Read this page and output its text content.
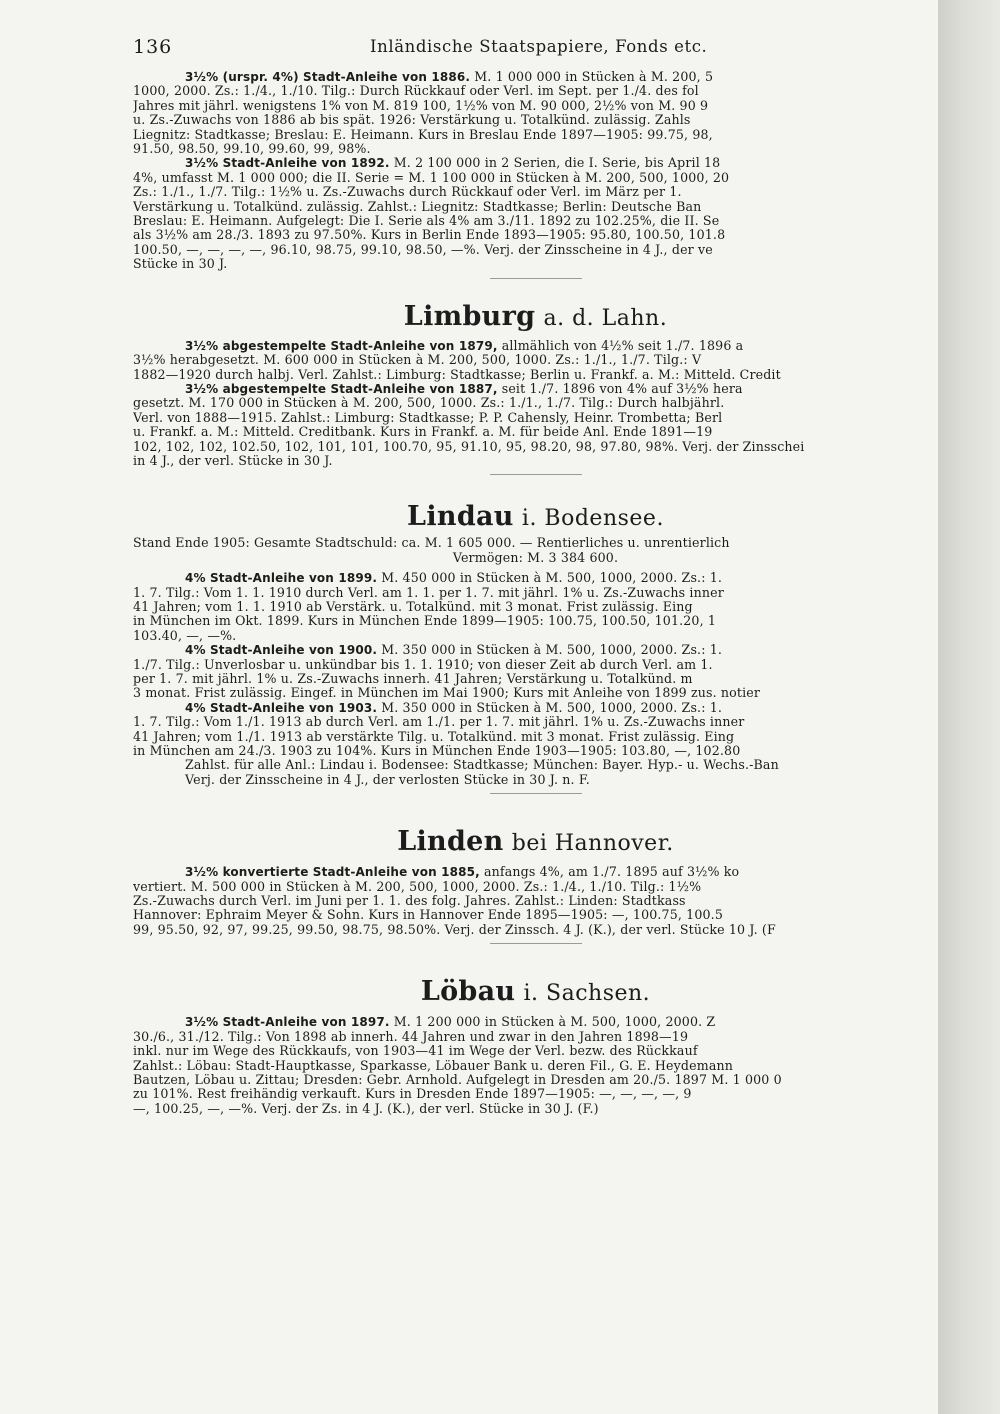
136	Inländische Staatspapiere, Fonds etc.
3½% (urspr. 4%) Stadt-Anleihe von 1886. M. 1 000 000 in Stücken à M. 200, 5
1000, 2000. Zs.: 1./4., 1./10. Tilg.: Durch Rückkauf oder Verl. im Sept. per 1./4. des fol
Jahres mit jährl. wenigstens 1% von M. 819 100, 1½% von M. 90 000, 2½% von M. 90 9
u. Zs.-Zuwachs von 1886 ab bis spät. 1926: Verstärkung u. Totalkünd. zulässig. Zahls
Liegnitz: Stadtkasse; Breslau: E. Heimann. Kurs in Breslau Ende 1897—1905: 99.75, 98,
91.50, 98.50, 99.10, 99.60, 99, 98%.
3½% Stadt-Anleihe von 1892. M. 2 100 000 in 2 Serien, die I. Serie, bis April 18
4%, umfasst M. 1 000 000; die II. Serie = M. 1 100 000 in Stücken à M. 200, 500, 1000, 20
Zs.: 1./1., 1./7. Tilg.: 1½% u. Zs.-Zuwachs durch Rückkauf oder Verl. im März per 1.
Verstärkung u. Totalkünd. zulässig. Zahlst.: Liegnitz: Stadtkasse; Berlin: Deutsche Ban
Breslau: E. Heimann. Aufgelegt: Die I. Serie als 4% am 3./11. 1892 zu 102.25%, die II. Se
als 3½% am 28./3. 1893 zu 97.50%. Kurs in Berlin Ende 1893—1905: 95.80, 100.50, 101.8
100.50, —, —, —, —, 96.10, 98.75, 99.10, 98.50, —%. Verj. der Zinsscheine in 4 J., der ve
Stücke in 30 J.
Limburg a. d. Lahn.
3½% abgestempelte Stadt-Anleihe von 1879, allmählich von 4½% seit 1./7. 1896 a
3½% herabgesetzt. M. 600 000 in Stücken à M. 200, 500, 1000. Zs.: 1./1., 1./7. Tilg.: V
1882—1920 durch halbj. Verl. Zahlst.: Limburg: Stadtkasse; Berlin u. Frankf. a. M.: Mitteld. Credit
3½% abgestempelte Stadt-Anleihe von 1887, seit 1./7. 1896 von 4% auf 3½% hera
gesetzt. M. 170 000 in Stücken à M. 200, 500, 1000. Zs.: 1./1., 1./7. Tilg.: Durch halbjährl.
Verl. von 1888—1915. Zahlst.: Limburg: Stadtkasse; P. P. Cahensly, Heinr. Trombetta; Berl
u. Frankf. a. M.: Mitteld. Creditbank. Kurs in Frankf. a. M. für beide Anl. Ende 1891—19
102, 102, 102, 102.50, 102, 101, 101, 100.70, 95, 91.10, 95, 98.20, 98, 97.80, 98%. Verj. der Zinsschei
in 4 J., der verl. Stücke in 30 J.
Lindau i. Bodensee.
Stand Ende 1905: Gesamte Stadtschuld: ca. M. 1 605 000. — Rentierliches u. unrentierlich
Vermögen: M. 3 384 600.
4% Stadt-Anleihe von 1899. M. 450 000 in Stücken à M. 500, 1000, 2000. Zs.: 1.
1. 7. Tilg.: Vom 1. 1. 1910 durch Verl. am 1. 1. per 1. 7. mit jährl. 1% u. Zs.-Zuwachs inner
41 Jahren; vom 1. 1. 1910 ab Verstärk. u. Totalkünd. mit 3 monat. Frist zulässig. Eing
in München im Okt. 1899. Kurs in München Ende 1899—1905: 100.75, 100.50, 101.20, 1
103.40, —, —%.
4% Stadt-Anleihe von 1900. M. 350 000 in Stücken à M. 500, 1000, 2000. Zs.: 1.
1./7. Tilg.: Unverlosbar u. unkündbar bis 1. 1. 1910; von dieser Zeit ab durch Verl. am 1.
per 1. 7. mit jährl. 1% u. Zs.-Zuwachs innerh. 41 Jahren; Verstärkung u. Totalkünd. m
3 monat. Frist zulässig. Eingef. in München im Mai 1900; Kurs mit Anleihe von 1899 zus. notier
4% Stadt-Anleihe von 1903. M. 350 000 in Stücken à M. 500, 1000, 2000. Zs.: 1.
1. 7. Tilg.: Vom 1./1. 1913 ab durch Verl. am 1./1. per 1. 7. mit jährl. 1% u. Zs.-Zuwachs inner
41 Jahren; vom 1./1. 1913 ab verstärkte Tilg. u. Totalkünd. mit 3 monat. Frist zulässig. Eing
in München am 24./3. 1903 zu 104%. Kurs in München Ende 1903—1905: 103.80, —, 102.80
Zahlst. für alle Anl.: Lindau i. Bodensee: Stadtkasse; München: Bayer. Hyp.- u. Wechs.-Ban
Verj. der Zinsscheine in 4 J., der verlosten Stücke in 30 J. n. F.
Linden bei Hannover.
3½% konvertierte Stadt-Anleihe von 1885, anfangs 4%, am 1./7. 1895 auf 3½% ko
vertiert. M. 500 000 in Stücken à M. 200, 500, 1000, 2000. Zs.: 1./4., 1./10. Tilg.: 1½%
Zs.-Zuwachs durch Verl. im Juni per 1. 1. des folg. Jahres. Zahlst.: Linden: Stadtkass
Hannover: Ephraim Meyer & Sohn. Kurs in Hannover Ende 1895—1905: —, 100.75, 100.5
99, 95.50, 92, 97, 99.25, 99.50, 98.75, 98.50%. Verj. der Zinssch. 4 J. (K.), der verl. Stücke 10 J. (F
Löbau i. Sachsen.
3½% Stadt-Anleihe von 1897. M. 1 200 000 in Stücken à M. 500, 1000, 2000. Z
30./6., 31./12. Tilg.: Von 1898 ab innerh. 44 Jahren und zwar in den Jahren 1898—19
inkl. nur im Wege des Rückkaufs, von 1903—41 im Wege der Verl. bezw. des Rückkauf
Zahlst.: Löbau: Stadt-Hauptkasse, Sparkasse, Löbauer Bank u. deren Fil., G. E. Heydemann
Bautzen, Löbau u. Zittau; Dresden: Gebr. Arnhold. Aufgelegt in Dresden am 20./5. 1897 M. 1 000 0
zu 101%. Rest freihändig verkauft. Kurs in Dresden Ende 1897—1905: —, —, —, —, 9
—, 100.25, —, —%. Verj. der Zs. in 4 J. (K.), der verl. Stücke in 30 J. (F.)
